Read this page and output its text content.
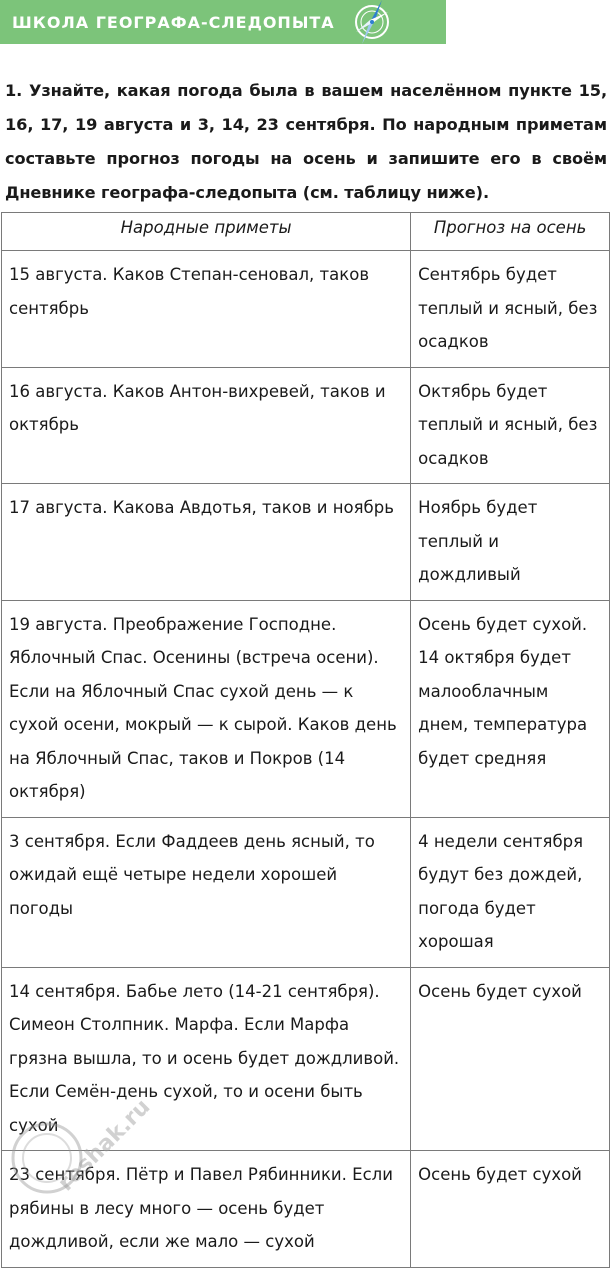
ШКОЛА ГЕОГРАФА-СЛЕДОПЫТА

1. Узнайте, какая погода была в вашем населённом пункте 15, 16, 17, 19 августа и 3, 14, 23 сентября. По народным приметам составьте прогноз погоды на осень и запишите его в своём Дневнике географа-следопыта (см. таблицу ниже).

Народные приметы	Прогноз на осень
15 августа. Каков Степан-сеновал, таков сентябрь	Сентябрь будет теплый и ясный, без осадков
16 августа. Каков Антон-вихревей, таков и октябрь	Октябрь будет теплый и ясный, без осадков
17 августа. Какова Авдотья, таков и ноябрь	Ноябрь будет теплый и дождливый
19 августа. Преображение Господне. Яблочный Спас. Осенины (встреча осени). Если на Яблочный Спас сухой день — к сухой осени, мокрый — к сырой. Каков день на Яблочный Спас, таков и Покров (14 октября)	Осень будет сухой. 14 октября будет малооблачным днем, температура будет средняя
3 сентября. Если Фаддеев день ясный, то ожидай ещё четыре недели хорошей погоды	4 недели сентября будут без дождей, погода будет хорошая
14 сентября. Бабье лето (14-21 сентября). Симеон Столпник. Марфа. Если Марфа грязна вышла, то и осень будет дождливой. Если Семён-день сухой, то и осени быть сухой	Осень будет сухой
23 сентября. Пётр и Павел Рябинники. Если рябины в лесу много — осень будет дождливой, если же мало — сухой	Осень будет сухой
reshak.ru
